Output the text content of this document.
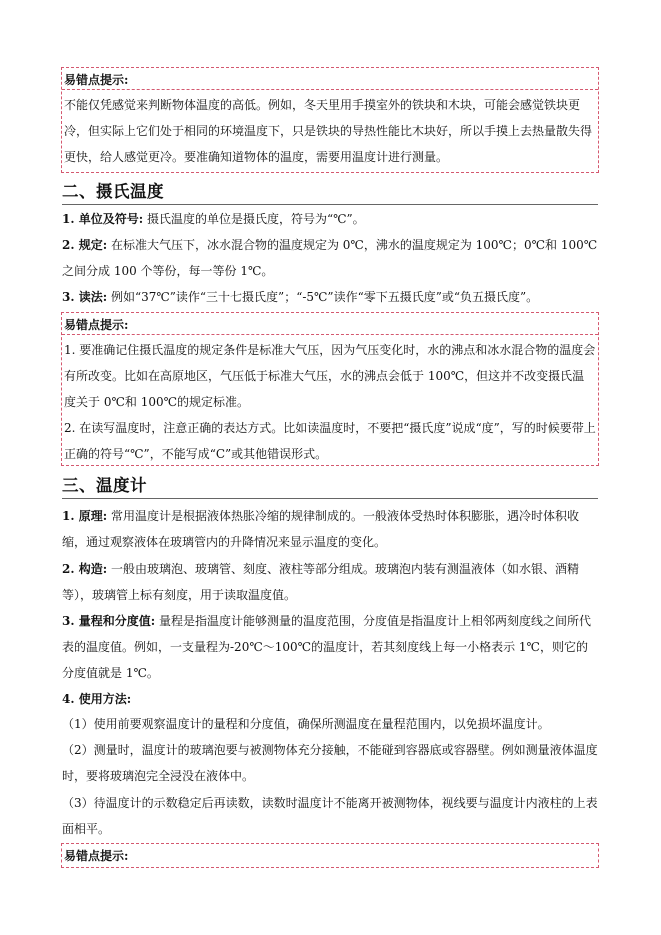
易错点提示:

不能仅凭感觉来判断物体温度的高低。例如，冬天里用手摸室外的铁块和木块，可能会感觉铁块更冷，但实际上它们处于相同的环境温度下，只是铁块的导热性能比木块好，所以手摸上去热量散失得更快，给人感觉更冷。要准确知道物体的温度，需要用温度计进行测量。

二、摄氏温度

1. 单位及符号: 摄氏温度的单位是摄氏度，符号为“℃”。

2. 规定: 在标准大气压下，冰水混合物的温度规定为 0℃，沸水的温度规定为 100℃；0℃和 100℃之间分成 100 个等份，每一等份 1℃。

3. 读法: 例如“37℃”读作“三十七摄氏度”；“-5℃”读作“零下五摄氏度”或“负五摄氏度”。

易错点提示:

1. 要准确记住摄氏温度的规定条件是标准大气压，因为气压变化时，水的沸点和冰水混合物的温度会有所改变。比如在高原地区，气压低于标准大气压，水的沸点会低于 100℃，但这并不改变摄氏温度关于 0℃和 100℃的规定标准。

2. 在读写温度时，注意正确的表达方式。比如读温度时，不要把“摄氏度”说成“度”，写的时候要带上正确的符号“℃”，不能写成“C”或其他错误形式。

三、温度计

1. 原理: 常用温度计是根据液体热胀冷缩的规律制成的。一般液体受热时体积膨胀，遇冷时体积收缩，通过观察液体在玻璃管内的升降情况来显示温度的变化。

2. 构造: 一般由玻璃泡、玻璃管、刻度、液柱等部分组成。玻璃泡内装有测温液体（如水银、酒精等），玻璃管上标有刻度，用于读取温度值。

3. 量程和分度值: 量程是指温度计能够测量的温度范围，分度值是指温度计上相邻两刻度线之间所代表的温度值。例如，一支量程为-20℃～100℃的温度计，若其刻度线上每一小格表示 1℃，则它的分度值就是 1℃。

4. 使用方法:

（1）使用前要观察温度计的量程和分度值，确保所测温度在量程范围内，以免损坏温度计。

（2）测量时，温度计的玻璃泡要与被测物体充分接触，不能碰到容器底或容器壁。例如测量液体温度时，要将玻璃泡完全浸没在液体中。

（3）待温度计的示数稳定后再读数，读数时温度计不能离开被测物体，视线要与温度计内液柱的上表面相平。

易错点提示:
